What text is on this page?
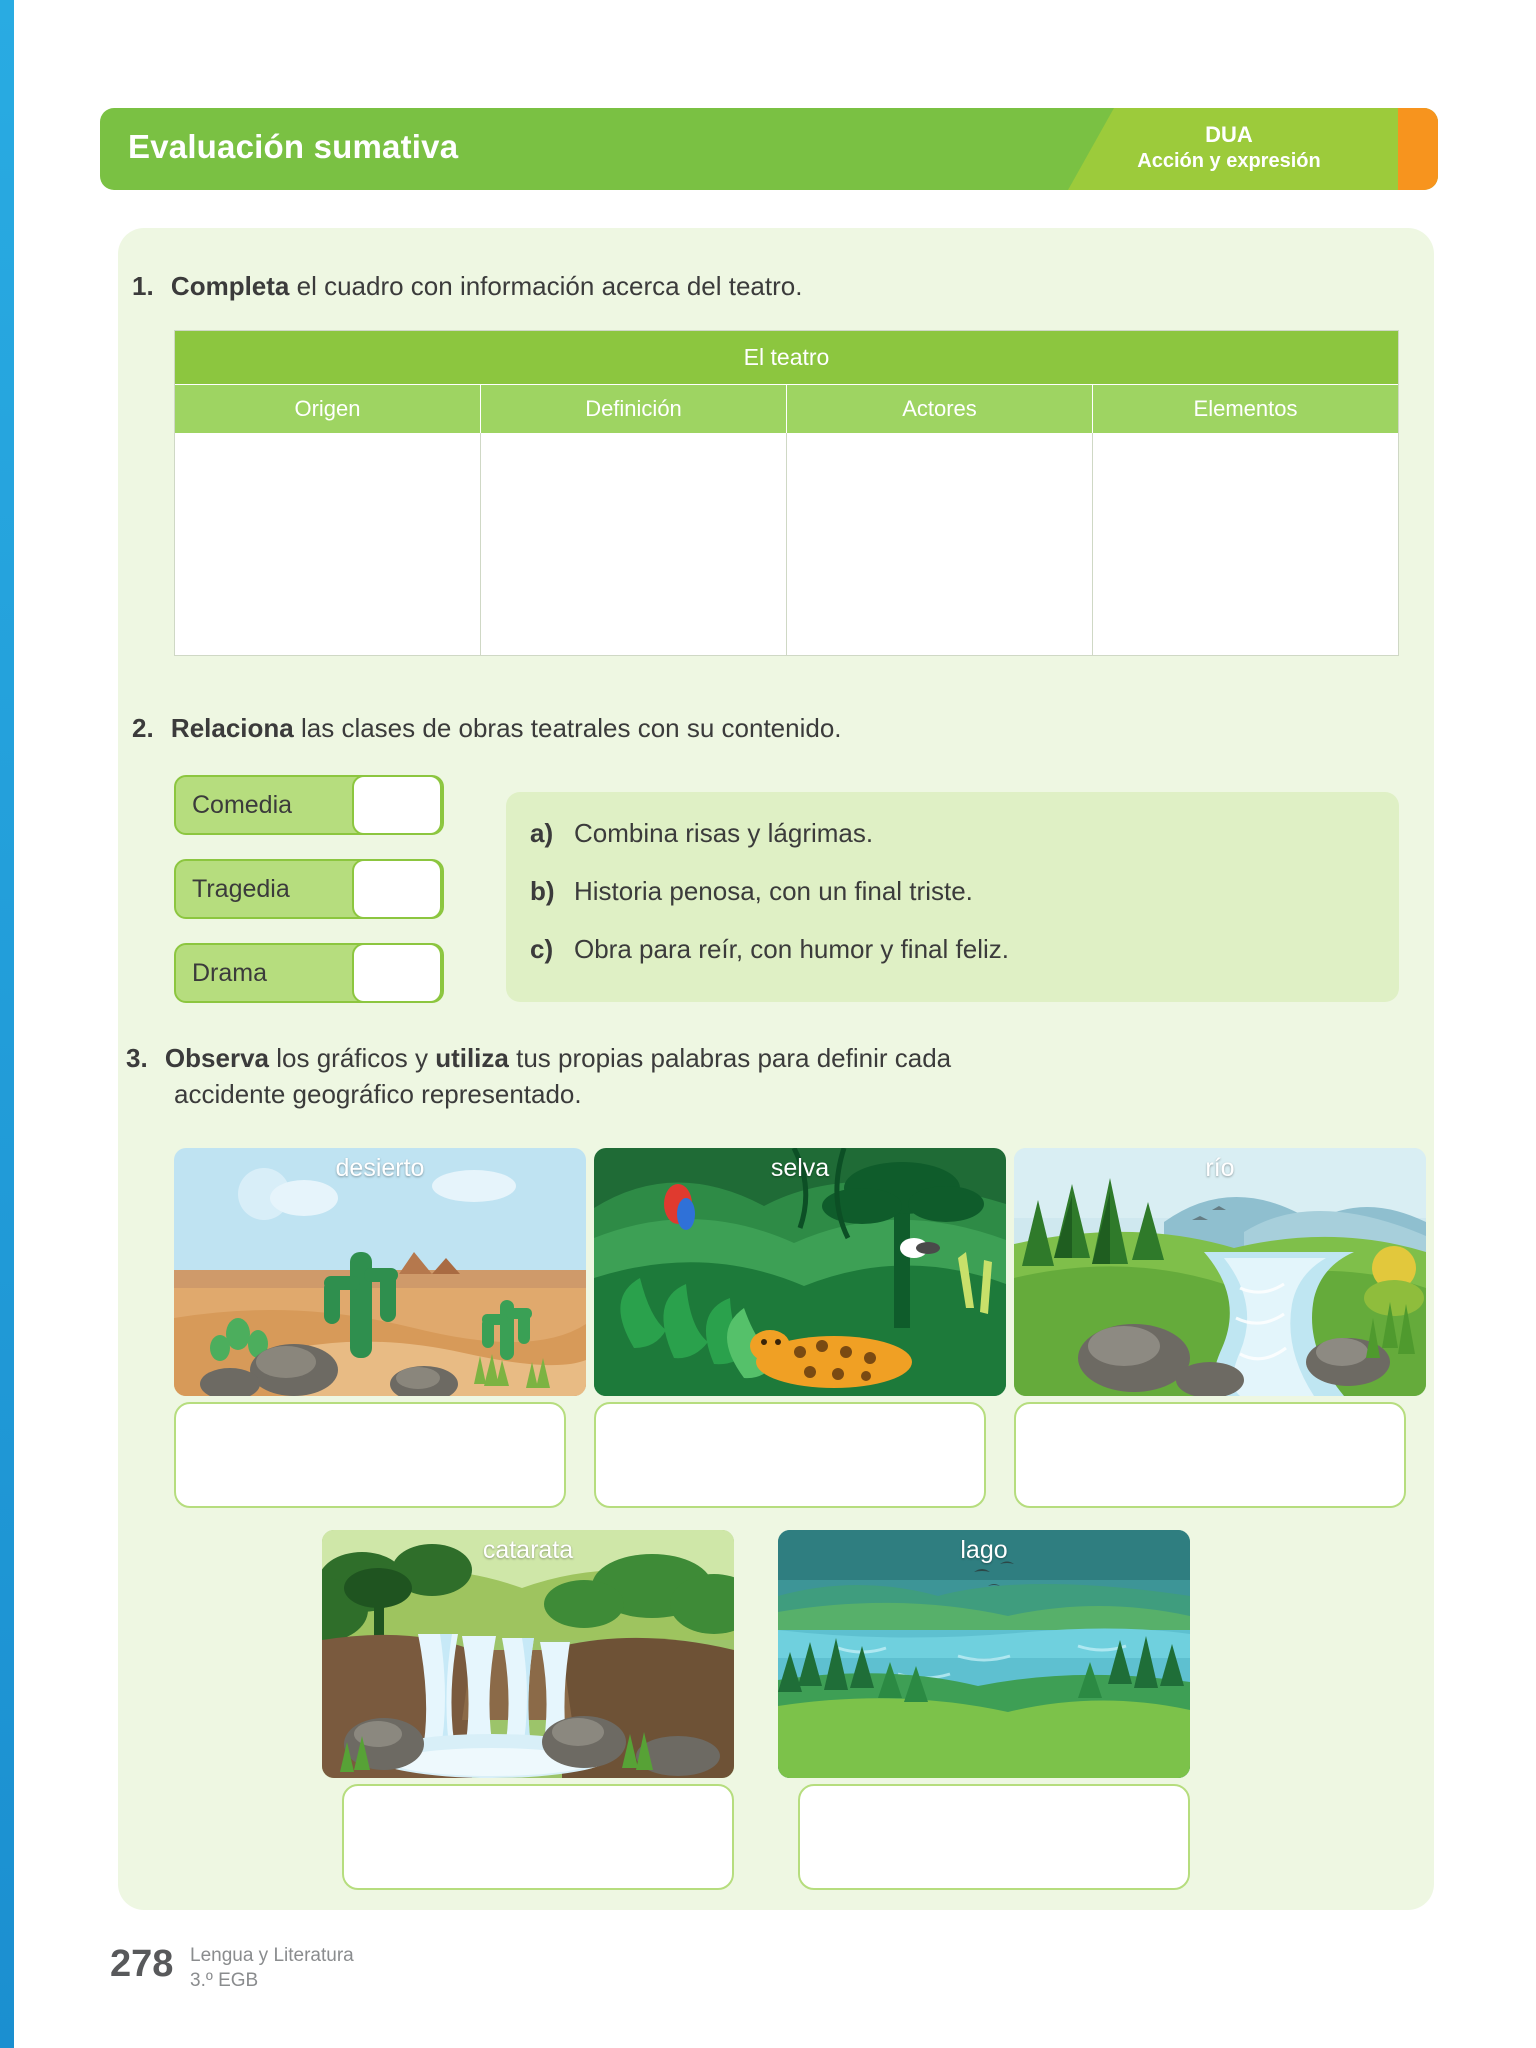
Evaluación sumativa	DUA
Acción y expresión
1. Completa el cuadro con información acerca del teatro.
El teatro
Origen	Definición	Actores	Elementos
2. Relaciona las clases de obras teatrales con su contenido.
Comedia
Tragedia
Drama
a) Combina risas y lágrimas.
b) Historia penosa, con un final triste.
c) Obra para reír, con humor y final feliz.
3. Observa los gráficos y utiliza tus propias palabras para definir cada
accidente geográfico representado.
desierto	selva	río
catarata	lago
278 Lengua y Literatura
3.º EGB
